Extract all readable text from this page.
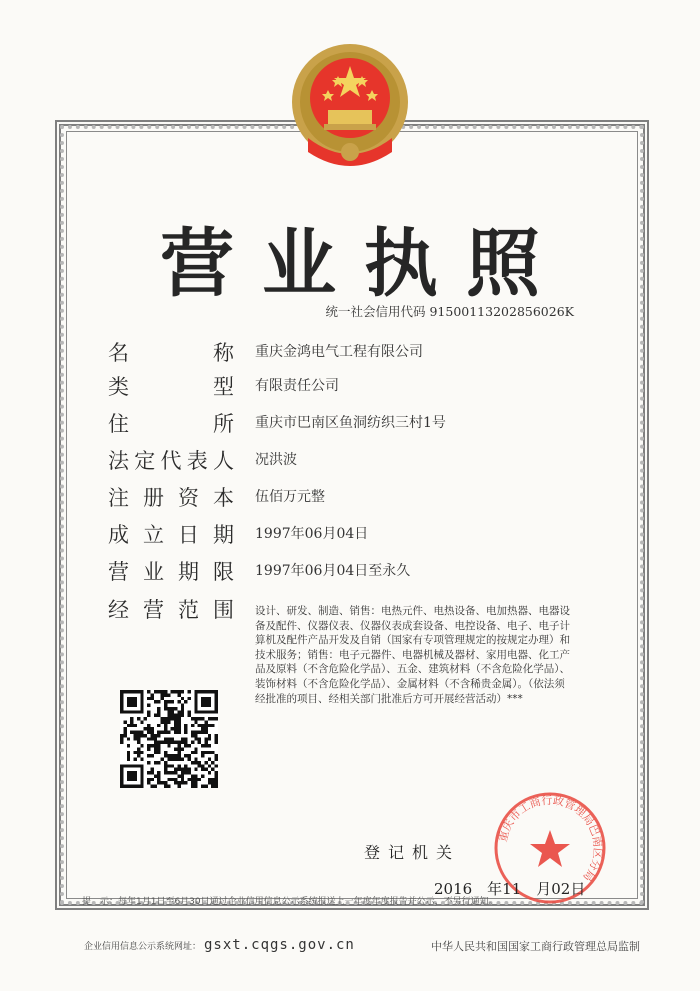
营业执照
统一社会信用代码 91500113202856026K
名	称 重庆金鸿电气工程有限公司
类	型 有限责任公司
住	所 重庆市巴南区鱼洞纺织三村1号
法 定 代 表 人 况洪波
注 册 资 本 伍佰万元整
成 立 日 期 1997年06月04日
营 业 期 限 1997年06月04日至永久
经 营 范 围 设计、研发、制造、销售：电热元件、电热设备、电加热器、电器设备及配件、仪器仪表、仪器仪表成套设备、电控设备、电子、电子计算机及配件产品开发及自销（国家有专项管理规定的按规定办理）和技术服务；销售：电子元器件、电器机械及器材、家用电器、化工产品及原料（不含危险化学品）、五金、建筑材料（不含危险化学品）、装饰材料（不含危险化学品）、金属材料（不含稀贵金属）。（依法须经批准的项目、经相关部门批准后方可开展经营活动）***
登记机关
重庆市工商行政管理局巴南区分局
2016　年11　月02日
提　示：每年1月1日至6月30日通过企业信用信息公示系统报送上一年度年度报告并公示，不另行通知。
企业信用信息公示系统网址： gsxt.cqgs.gov.cn	中华人民共和国国家工商行政管理总局监制
